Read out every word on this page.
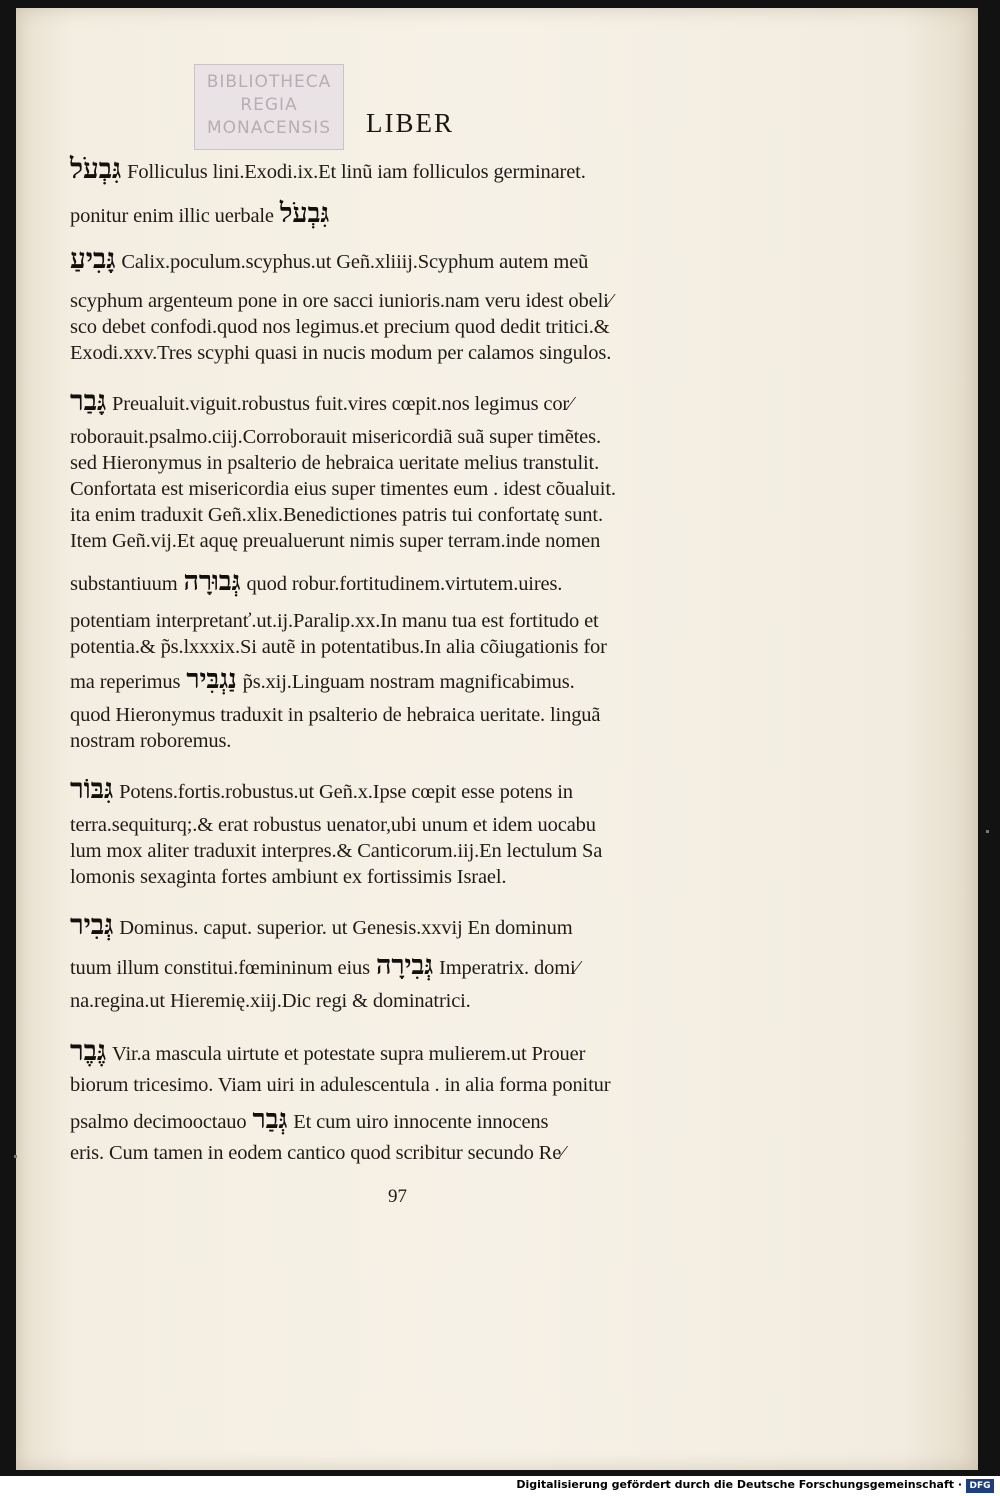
BIBLIOTHECA
REGIA
MONACENSIS	LIBER
גִּבְעֹל Folliculus lini.Exodi.ix.Et linũ iam folliculos germinaret.
ponitur enim illic uerbale גִּבְעֹל
גָּבִיעַ Calix.poculum.scyphus.ut Geñ.xliiij.Scyphum autem meũ
scyphum argenteum pone in ore sacci iunioris.nam veru idest obeli⁄
sco debet confodi.quod nos legimus.et precium quod dedit tritici.&
Exodi.xxv.Tres scyphi quasi in nucis modum per calamos singulos.
גָּבַר Preualuit.viguit.robustus fuit.vires cœpit.nos legimus cor⁄
roborauit.psalmo.ciij.Corroborauit misericordiã suã super timẽtes.
sed Hieronymus in psalterio de hebraica ueritate melius transtulit.
Confortata est misericordia eius super timentes eum . idest cõualuit.
ita enim traduxit Geñ.xlix.Benedictiones patris tui confortatę sunt.
Item Geñ.vij.Et aquę preualuerunt nimis super terram.inde nomen
substantiuum גְּבוּרָה quod robur.fortitudinem.virtutem.uires.
potentiam interpretanť.ut.ij.Paralip.xx.In manu tua est fortitudo et
potentia.& p̃s.lxxxix.Si autẽ in potentatibus.In alia cõiugationis for
ma reperimus נַגְבִּיר p̃s.xij.Linguam nostram magnificabimus.
quod Hieronymus traduxit in psalterio de hebraica ueritate. linguã
nostram roboremus.
גִּבּוֹר Potens.fortis.robustus.ut Geñ.x.Ipse cœpit esse potens in
terra.sequiturq;.& erat robustus uenator,ubi unum et idem uocabu
lum mox aliter traduxit interpres.& Canticorum.iij.En lectulum Sa
lomonis sexaginta fortes ambiunt ex fortissimis Israel.
גְּבִיר Dominus. caput. superior. ut Genesis.xxvij En dominum
tuum illum constitui.fœmininum eius גְּבִירָה Imperatrix. domi⁄
na.regina.ut Hieremię.xiij.Dic regi & dominatrici.
גֶּבֶר Vir.a mascula uirtute et potestate supra mulierem.ut Prouer
biorum tricesimo. Viam uiri in adulescentula . in alia forma ponitur
psalmo decimooctauo גְּבַר Et cum uiro innocente innocens
eris. Cum tamen in eodem cantico quod scribitur secundo Re⁄
97
Digitalisierung gefördert durch die Deutsche Forschungsgemeinschaft · DFG
